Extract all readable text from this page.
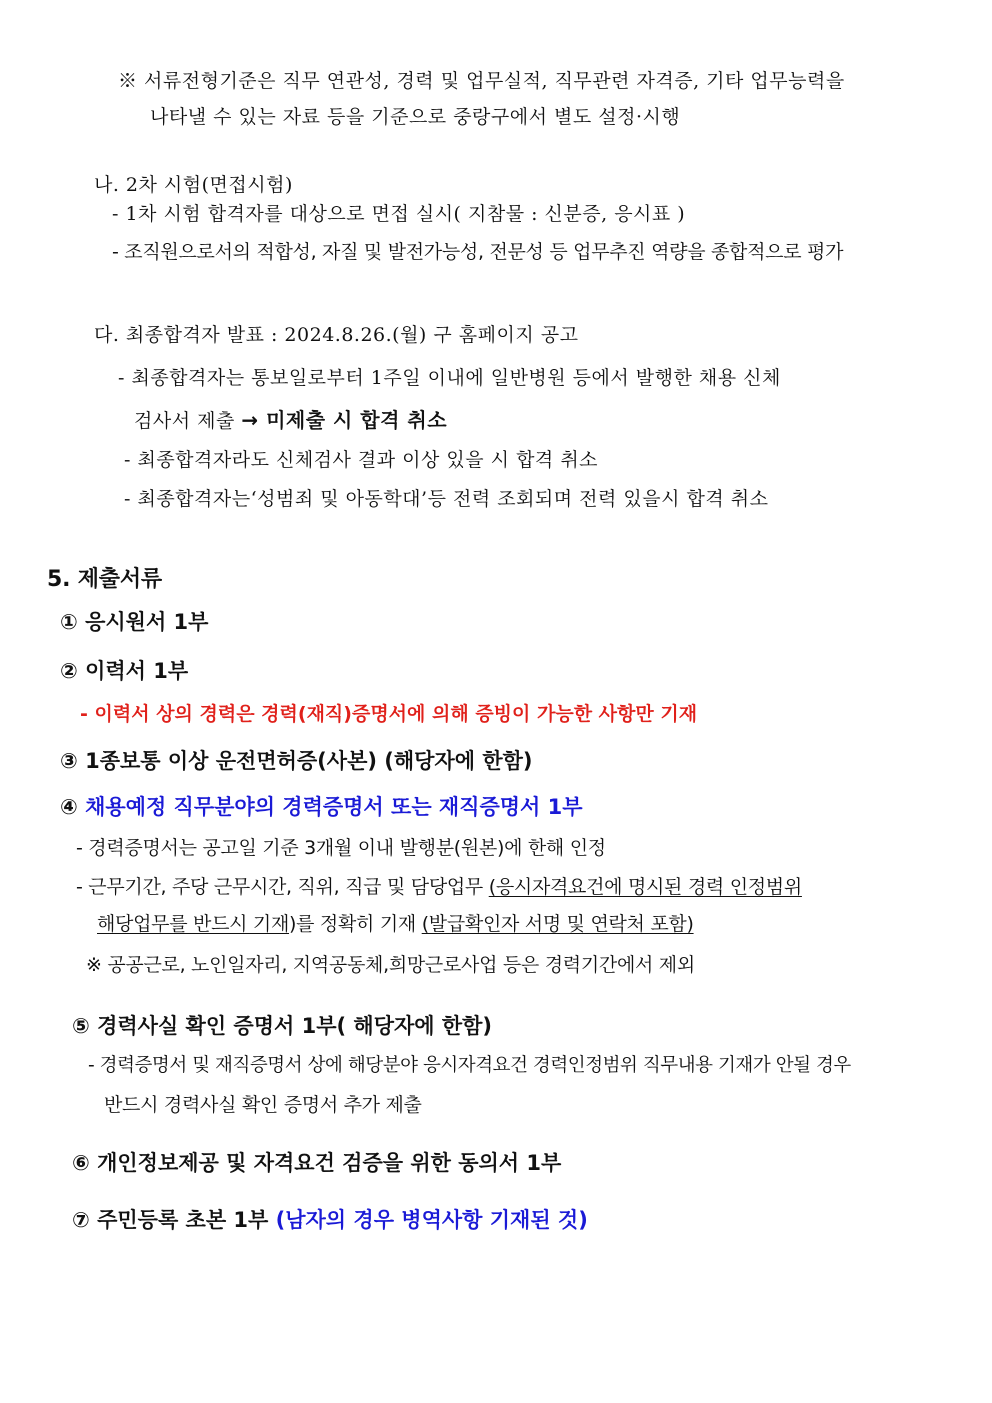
※ 서류전형기준은 직무 연관성, 경력 및 업무실적, 직무관련 자격증, 기타 업무능력을
나타낼 수 있는 자료 등을 기준으로 중랑구에서 별도 설정·시행
나. 2차 시험(면접시험)
- 1차 시험 합격자를 대상으로 면접 실시( 지참물 : 신분증, 응시표 )
- 조직원으로서의 적합성, 자질 및 발전가능성, 전문성 등 업무추진 역량을 종합적으로 평가
다. 최종합격자 발표 : 2024.8.26.(월) 구 홈페이지 공고
- 최종합격자는 통보일로부터 1주일 이내에 일반병원 등에서 발행한 채용 신체
검사서 제출 → 미제출 시 합격 취소
- 최종합격자라도 신체검사 결과 이상 있을 시 합격 취소
- 최종합격자는‘성범죄 및 아동학대’등 전력 조회되며 전력 있을시 합격 취소
5. 제출서류
① 응시원서 1부
② 이력서 1부
- 이력서 상의 경력은 경력(재직)증명서에 의해 증빙이 가능한 사항만 기재
③ 1종보통 이상 운전면허증(사본) (해당자에 한함)
④ 채용예정 직무분야의 경력증명서 또는 재직증명서 1부
- 경력증명서는 공고일 기준 3개월 이내 발행분(원본)에 한해 인정
- 근무기간, 주당 근무시간, 직위, 직급 및 담당업무 (응시자격요건에 명시된 경력 인정범위
해당업무를 반드시 기재)를 정확히 기재 (발급확인자 서명 및 연락처 포함)
※ 공공근로, 노인일자리, 지역공동체,희망근로사업 등은 경력기간에서 제외
⑤ 경력사실 확인 증명서 1부( 해당자에 한함)
- 경력증명서 및 재직증명서 상에 해당분야 응시자격요건 경력인정범위 직무내용 기재가 안될 경우
반드시 경력사실 확인 증명서 추가 제출
⑥ 개인정보제공 및 자격요건 검증을 위한 동의서 1부
⑦ 주민등록 초본 1부 (남자의 경우 병역사항 기재된 것)
